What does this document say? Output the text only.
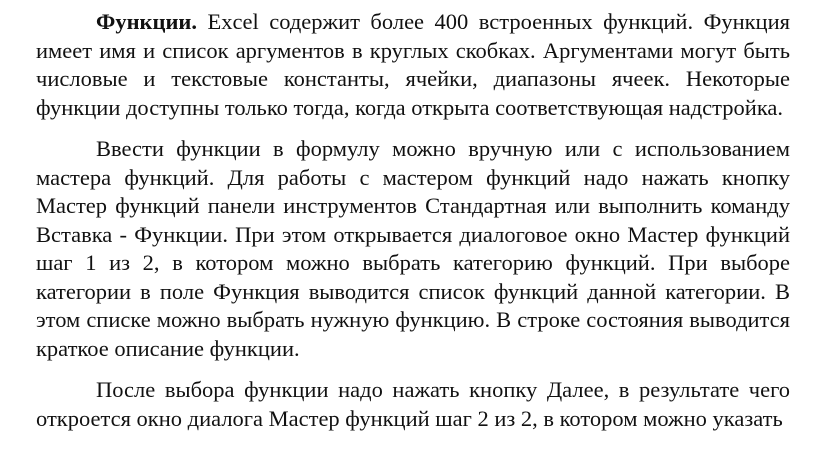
Функции. Excel содержит более 400 встроенных функций. Функция имеет имя и список аргументов в круглых скобках. Аргументами могут быть числовые и текстовые константы, ячейки, диапазоны ячеек. Некоторые функции доступны только тогда, когда открыта соответствующая надстройка.

Ввести функции в формулу можно вручную или с использованием мастера функций. Для работы с мастером функций надо нажать кнопку Мастер функций панели инструментов Стандартная или выполнить команду Вставка - Функции. При этом открывается диалоговое окно Мастер функций шаг 1 из 2, в котором можно выбрать категорию функций. При выборе категории в поле Функция выводится список функций данной категории. В этом списке можно выбрать нужную функцию. В строке состояния выводится краткое описание функции.

После выбора функции надо нажать кнопку Далее, в результате чего откроется окно диалога Мастер функций шаг 2 из 2, в котором можно указать
